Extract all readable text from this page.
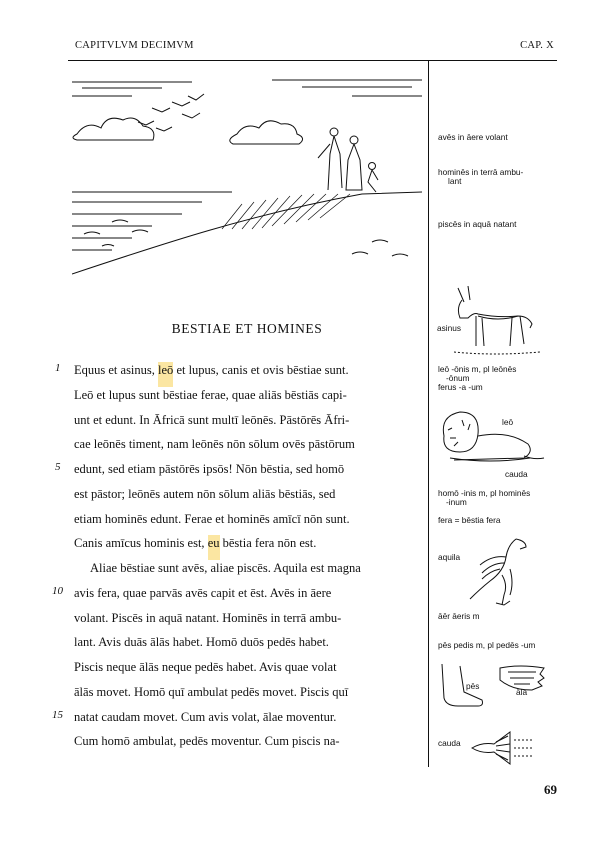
CAPITVLVM DECIMVM	CAP. X
BESTIAE ET HOMINES
1
5
10
15
Equus et asinus, leō et lupus, canis et ovis bēstiae sunt.
Leō et lupus sunt bēstiae ferae, quae aliās bēstiās capi-
unt et edunt. In Āfricā sunt multī leōnēs. Pāstōrēs Āfri-
cae leōnēs timent, nam leōnēs nōn sōlum ovēs pāstōrum
edunt, sed etiam pāstōrēs ipsōs! Nōn bēstia, sed homō
est pāstor; leōnēs autem nōn sōlum aliās bēstiās, sed
etiam hominēs edunt. Ferae et hominēs amīcī nōn sunt.
Canis amīcus hominis est, eu bēstia fera nōn est.
Aliae bēstiae sunt avēs, aliae piscēs. Aquila est magna
avis fera, quae parvās avēs capit et ēst. Avēs in āere
volant. Piscēs in aquā natant. Hominēs in terrā ambu-
lant. Avis duās ālās habet. Homō duōs pedēs habet.
Piscis neque ālās neque pedēs habet. Avis quae volat
ālās movet. Homō quī ambulat pedēs movet. Piscis quī
natat caudam movet. Cum avis volat, ālae moventur.
Cum homō ambulat, pedēs moventur. Cum piscis na-
avēs in āere volant
hominēs in terrā ambu-
lant
piscēs in aquā natant
asinus
leō -ōnis m, pl leōnēs
-ōnum
ferus -a -um
leō
cauda
homō -inis m, pl hominēs
-inum
fera = bēstia fera
aquila
āēr āeris m
pēs pedis m, pl pedēs -um
pēs
āla
cauda
69
